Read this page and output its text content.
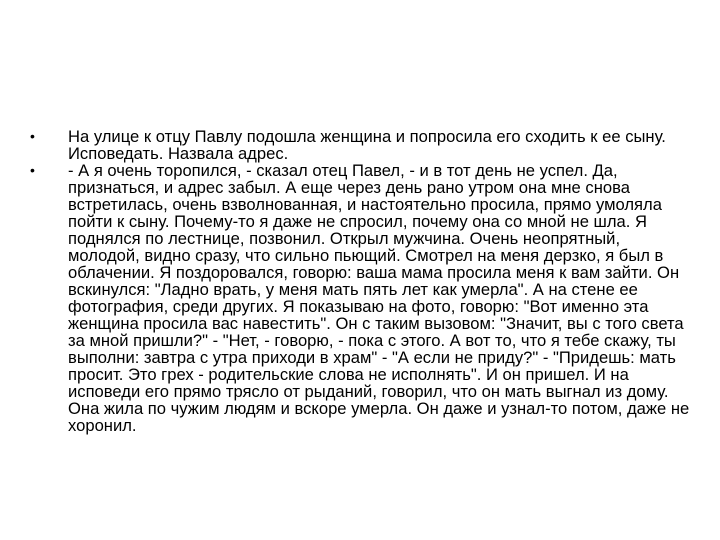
•	На улице к отцу Павлу подошла женщина и попросила его сходить к ее сыну. Исповедать. Назвала адрес.
•	- А я очень торопился, - сказал отец Павел, - и в тот день не успел. Да, признаться, и адрес забыл. А еще через день рано утром она мне снова встретилась, очень взволнованная, и настоятельно просила, прямо умоляла пойти к сыну. Почему-то я даже не спросил, почему она со мной не шла. Я поднялся по лестнице, позвонил. Открыл мужчина. Очень неопрятный, молодой, видно сразу, что сильно пьющий. Смотрел на меня дерзко, я был в облачении. Я поздоровался, говорю: ваша мама просила меня к вам зайти. Он вскинулся: "Ладно врать, у меня мать пять лет как умерла". А на стене ее фотография, среди других. Я показываю на фото, говорю: "Вот именно эта женщина просила вас навестить". Он с таким вызовом: "Значит, вы с того света за мной пришли?" - "Нет, - говорю, - пока с этого. А вот то, что я тебе скажу, ты выполни: завтра с утра приходи в храм" - "А если не приду?" - "Придешь: мать просит. Это грех - родительские слова не исполнять". И он пришел. И на исповеди его прямо трясло от рыданий, говорил, что он мать выгнал из дому. Она жила по чужим людям и вскоре умерла. Он даже и узнал-то потом, даже не хоронил.
